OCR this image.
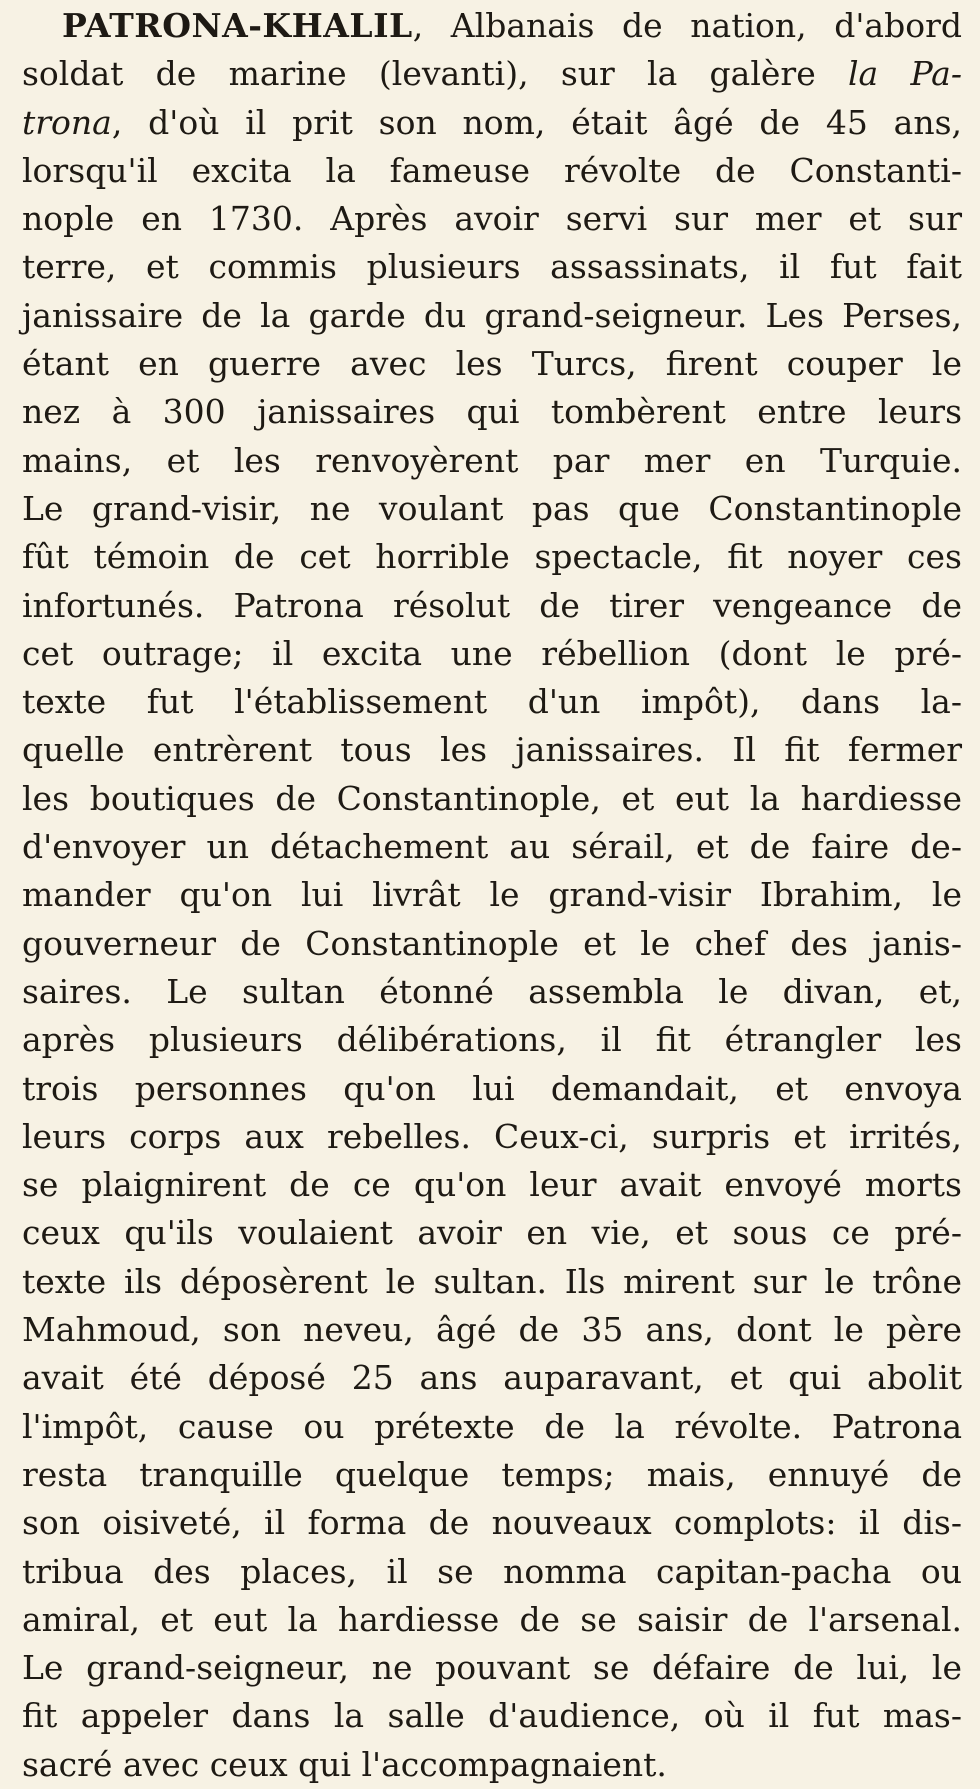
PATRONA-KHALIL, Albanais de nation, d'abord
soldat de marine (levanti), sur la galère la Pa-
trona, d'où il prit son nom, était âgé de 45 ans,
lorsqu'il excita la fameuse révolte de Constanti-
nople en 1730. Après avoir servi sur mer et sur
terre, et commis plusieurs assassinats, il fut fait
janissaire de la garde du grand-seigneur. Les Perses,
étant en guerre avec les Turcs, firent couper le
nez à 300 janissaires qui tombèrent entre leurs
mains, et les renvoyèrent par mer en Turquie.
Le grand-visir, ne voulant pas que Constantinople
fût témoin de cet horrible spectacle, fit noyer ces
infortunés. Patrona résolut de tirer vengeance de
cet outrage; il excita une rébellion (dont le pré-
texte fut l'établissement d'un impôt), dans la-
quelle entrèrent tous les janissaires. Il fit fermer
les boutiques de Constantinople, et eut la hardiesse
d'envoyer un détachement au sérail, et de faire de-
mander qu'on lui livrât le grand-visir Ibrahim, le
gouverneur de Constantinople et le chef des janis-
saires. Le sultan étonné assembla le divan, et,
après plusieurs délibérations, il fit étrangler les
trois personnes qu'on lui demandait, et envoya
leurs corps aux rebelles. Ceux-ci, surpris et irrités,
se plaignirent de ce qu'on leur avait envoyé morts
ceux qu'ils voulaient avoir en vie, et sous ce pré-
texte ils déposèrent le sultan. Ils mirent sur le trône
Mahmoud, son neveu, âgé de 35 ans, dont le père
avait été déposé 25 ans auparavant, et qui abolit
l'impôt, cause ou prétexte de la révolte. Patrona
resta tranquille quelque temps; mais, ennuyé de
son oisiveté, il forma de nouveaux complots: il dis-
tribua des places, il se nomma capitan-pacha ou
amiral, et eut la hardiesse de se saisir de l'arsenal.
Le grand-seigneur, ne pouvant se défaire de lui, le
fit appeler dans la salle d'audience, où il fut mas-
sacré avec ceux qui l'accompagnaient.
